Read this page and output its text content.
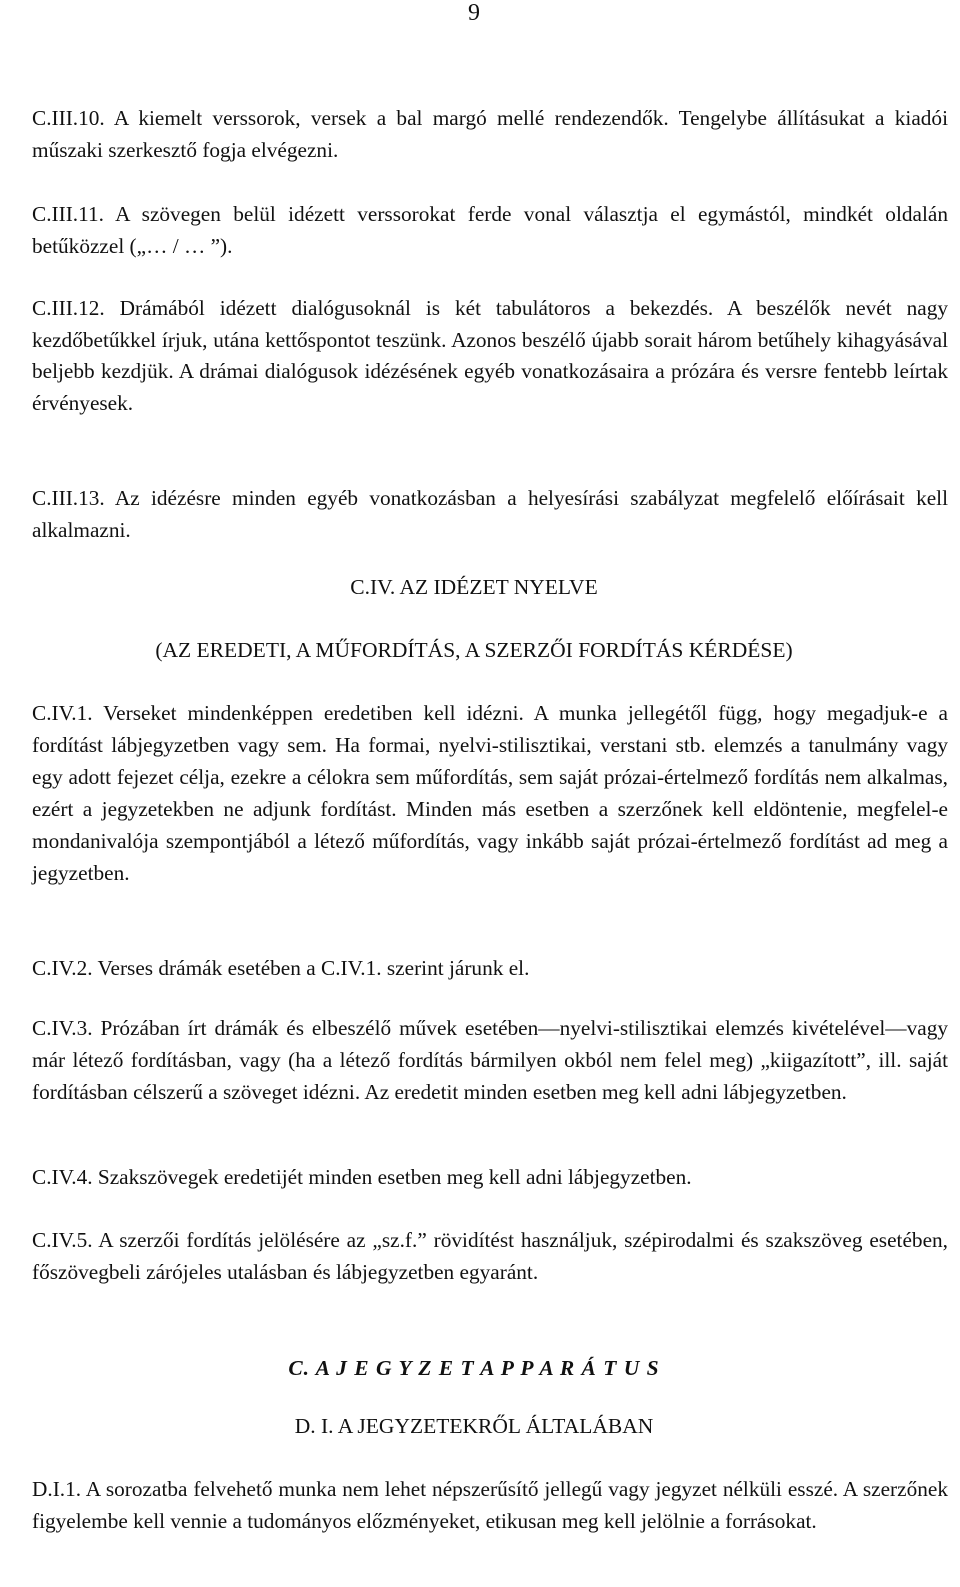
9

C.III.10. A kiemelt verssorok, versek a bal margó mellé rendezendők. Tengelybe állításukat a kiadói műszaki szerkesztő fogja elvégezni.

C.III.11. A szövegen belül idézett verssorokat ferde vonal választja el egymástól, mindkét oldalán betűközzel („… / … ”).

C.III.12. Drámából idézett dialógusoknál is két tabulátoros a bekezdés. A beszélők nevét nagy kezdőbetűkkel írjuk, utána kettőspontot teszünk. Azonos beszélő újabb sorait három betűhely kihagyásával beljebb kezdjük. A drámai dialógusok idézésének egyéb vonatkozásaira a prózára és versre fentebb leírtak érvényesek.

C.III.13. Az idézésre minden egyéb vonatkozásban a helyesírási szabályzat megfelelő előírásait kell alkalmazni.

C.IV. AZ IDÉZET NYELVE
(AZ EREDETI, A MŰFORDÍTÁS, A SZERZŐI FORDÍTÁS KÉRDÉSE)

C.IV.1. Verseket mindenképpen eredetiben kell idézni. A munka jellegétől függ, hogy megadjuk-e a fordítást lábjegyzetben vagy sem. Ha formai, nyelvi-stilisztikai, verstani stb. elemzés a tanulmány vagy egy adott fejezet célja, ezekre a célokra sem műfordítás, sem saját prózai-értelmező fordítás nem alkalmas, ezért a jegyzetekben ne adjunk fordítást. Minden más esetben a szerzőnek kell eldöntenie, megfelel-e mondanivalója szempontjából a létező műfordítás, vagy inkább saját prózai-értelmező fordítást ad meg a jegyzetben.

C.IV.2. Verses drámák esetében a C.IV.1. szerint járunk el.

C.IV.3. Prózában írt drámák és elbeszélő művek esetében—nyelvi-stilisztikai elemzés kivételével—vagy már létező fordításban, vagy (ha a létező fordítás bármilyen okból nem felel meg) „kiigazított”, ill. saját fordításban célszerű a szöveget idézni. Az eredetit minden esetben meg kell adni lábjegyzetben.

C.IV.4. Szakszövegek eredetijét minden esetben meg kell adni lábjegyzetben.

C.IV.5. A szerzői fordítás jelölésére az „sz.f.” rövidítést használjuk, szépirodalmi és szakszöveg esetében, főszövegbeli zárójeles utalásban és lábjegyzetben egyaránt.

C. A J E G Y Z E T A P P A R Á T U S
D. I. A JEGYZETEKRŐL ÁLTALÁBAN

D.I.1. A sorozatba felvehető munka nem lehet népszerűsítő jellegű vagy jegyzet nélküli esszé. A szerzőnek figyelembe kell vennie a tudományos előzményeket, etikusan meg kell jelölnie a forrásokat.
